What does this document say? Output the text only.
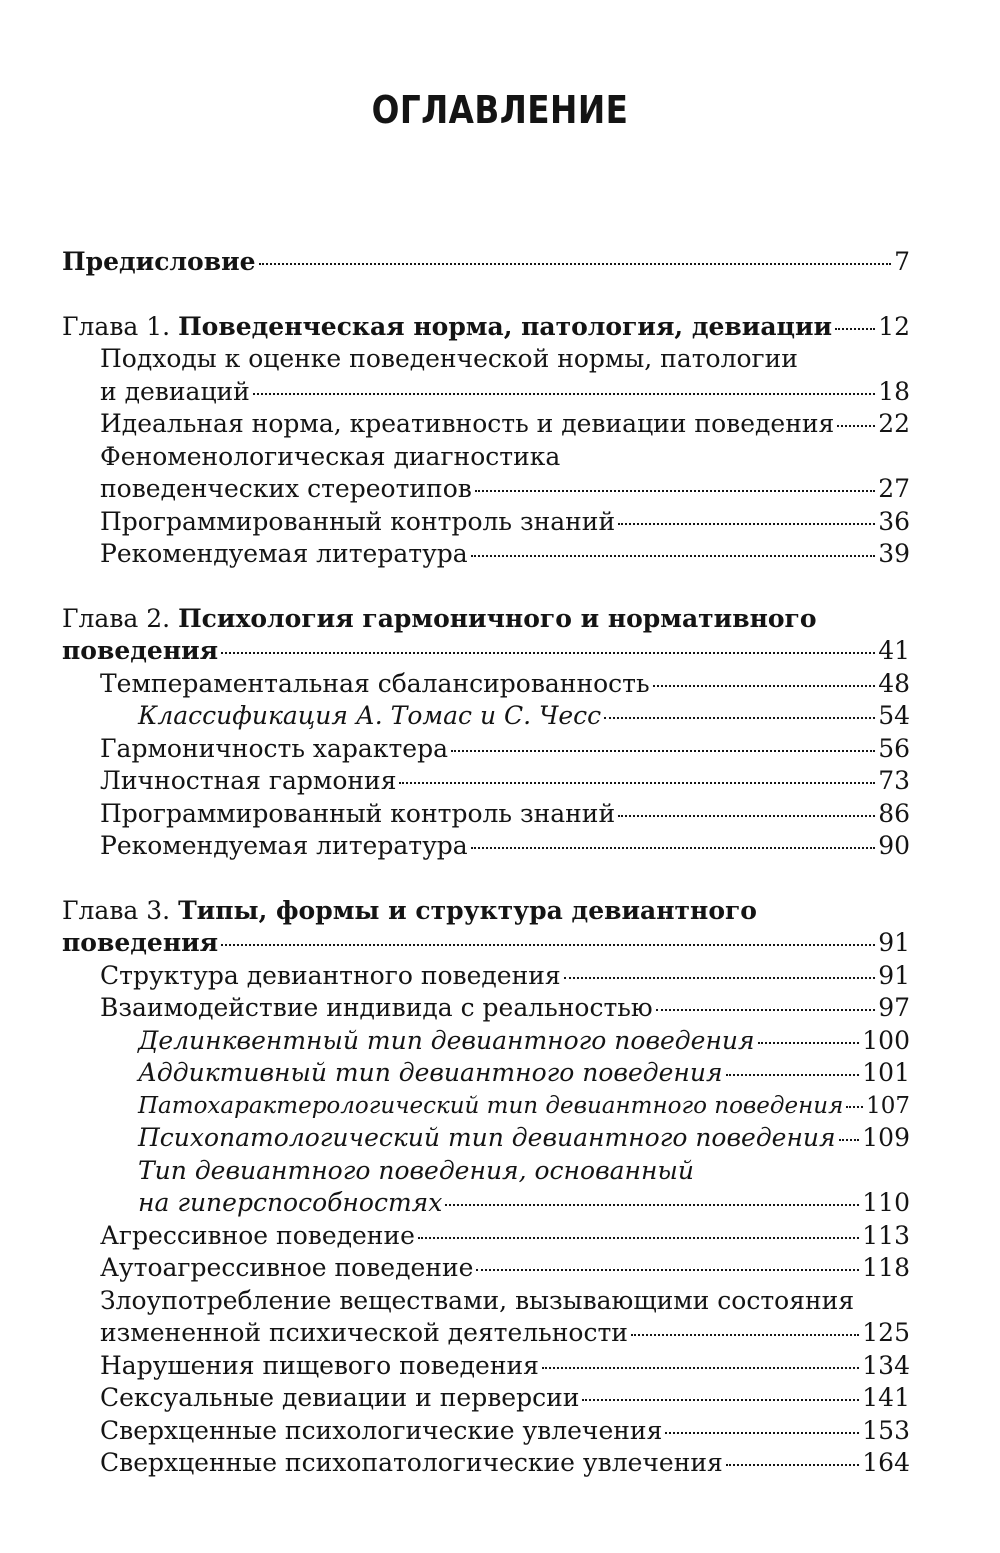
ОГЛАВЛЕНИЕ
Предисловие	7
Глава 1. Поведенческая норма, патология, девиации 12
Подходы к оценке поведенческой нормы, патологии
и девиаций	18
Идеальная норма, креативность и девиации поведения 22
Феноменологическая диагностика
поведенческих стереотипов	27
Программированный контроль знаний	36
Рекомендуемая литература	39
Глава 2. Психология гармоничного и нормативного
поведения	41
Темпераментальная сбалансированность	48
Классификация А. Томас и С. Чесс	54
Гармоничность характера	56
Личностная гармония	73
Программированный контроль знаний	86
Рекомендуемая литература	90
Глава 3. Типы, формы и структура девиантного
поведения	91
Структура девиантного поведения	91
Взаимодействие индивида с реальностью	97
Делинквентный тип девиантного поведения	100
Аддиктивный тип девиантного поведения	101
Патохарактерологический тип девиантного поведения 107
Психопатологический тип девиантного поведения 109
Тип девиантного поведения, основанный
на гиперспособностях	110
Агрессивное поведение	113
Аутоагрессивное поведение	118
Злоупотребление веществами, вызывающими состояния
измененной психической деятельности	125
Нарушения пищевого поведения	134
Сексуальные девиации и перверсии	141
Сверхценные психологические увлечения	153
Сверхценные психопатологические увлечения	164
